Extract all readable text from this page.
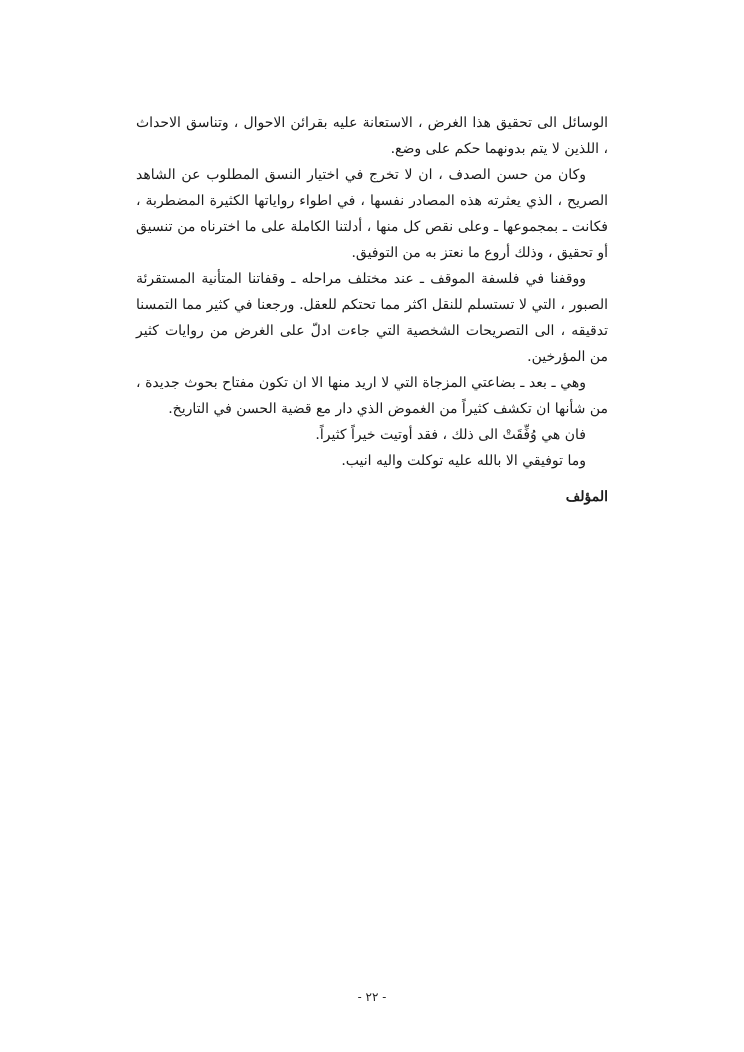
الوسائل الى تحقيق هذا الغرض ، الاستعانة عليه بقرائن الاحوال ، وتناسق الاحداث ، اللذين لا يتم بدونهما حكم على وضع.

وكان من حسن الصدف ، ان لا تخرج في اختيار النسق المطلوب عن الشاهد الصريح ، الذي يعثرته هذه المصادر نفسها ، في اطواء رواياتها الكثيرة المضطربة ، فكانت ـ بمجموعها ـ وعلى نقص كل منها ، أدلتنا الكاملة على ما اخترناه من تنسيق أو تحقيق ، وذلك أروع ما نعتز به من التوفيق.

ووقفنا في فلسفة الموقف ـ عند مختلف مراحله ـ وقفاتنا المتأنية المستقرئة الصبور ، التي لا تستسلم للنقل اكثر مما تحتكم للعقل. ورجعنا في كثير مما التمسنا تدقيقه ، الى التصريحات الشخصية التي جاءت ادلّ على الغرض من روايات كثير من المؤرخين.

وهي ـ بعد ـ بضاعتي المزجاة التي لا اريد منها الا ان تكون مفتاح بحوث جديدة ، من شأنها ان تكشف كثيراً من الغموض الذي دار مع قضية الحسن في التاريخ.

فان هي وُفِّقَتْ الى ذلك ، فقد أوتيت خيراً كثيراً.

وما توفيقي الا بالله عليه توكلت واليه انيب.

المؤلف

- ٢٢ -
